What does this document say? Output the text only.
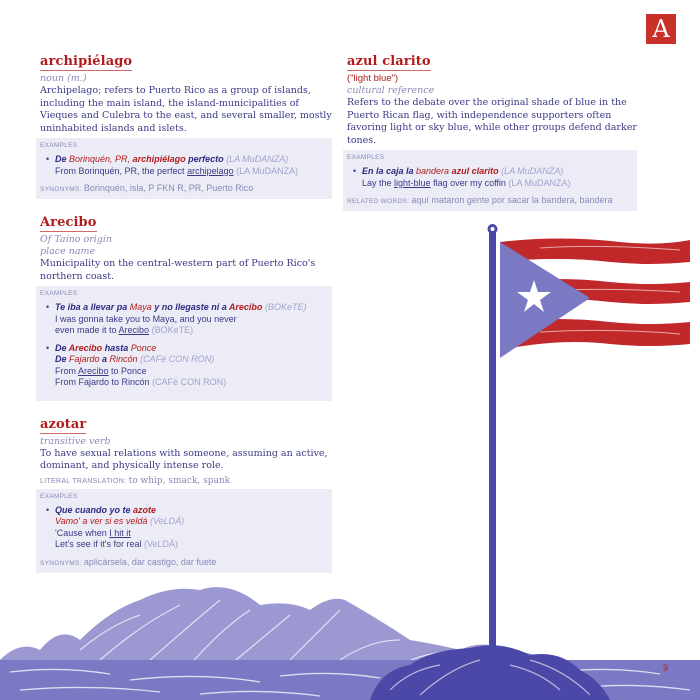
A
9
archipiélago
noun (m.)
Archipelago; refers to Puerto Rico as a group of islands, including the main island, the island-municipalities of Vieques and Culebra to the east, and several smaller, mostly uninhabited islands and islets.
EXAMPLES
• De Borinquén, PR, archipiélago perfecto (LA MuDANZA)
From Borinquén, PR, the perfect archipelago (LA MuDANZA)
SYNONYMS: Borinquén, isla, P FKN R, PR, Puerto Rico
Arecibo
Of Taíno origin
place name
Municipality on the central-western part of Puerto Rico's northern coast.
EXAMPLES
• Te iba a llevar pa Maya y no llegaste ni a Arecibo (BOKeTE)
I was gonna take you to Maya, and you never
even made it to Arecibo (BOKeTE)
• De Arecibo hasta Ponce
De Fajardo a Rincón (CAFé CON RON)
From Arecibo to Ponce
From Fajardo to Rincón (CAFé CON RON)
azotar
transitive verb
To have sexual relations with someone, assuming an active, dominant, and physically intense role.
LITERAL TRANSLATION: to whip, smack, spank
EXAMPLES
• Que cuando yo te azote
Vamo' a ver si es veldá (VeLDÁ)
'Cause when I hit it
Let's see if it's for real (VeLDÁ)
SYNONYMS: aplicársela, dar castigo, dar fuete
azul clarito
("light blue")
cultural reference
Refers to the debate over the original shade of blue in the Puerto Rican flag, with independence supporters often favoring light or sky blue, while other groups defend darker tones.
EXAMPLES
• En la caja la bandera azul clarito (LA MuDANZA)
Lay the light-blue flag over my coffin (LA MuDANZA)
RELATED WORDS: aquí mataron gente por sacar la bandera, bandera
